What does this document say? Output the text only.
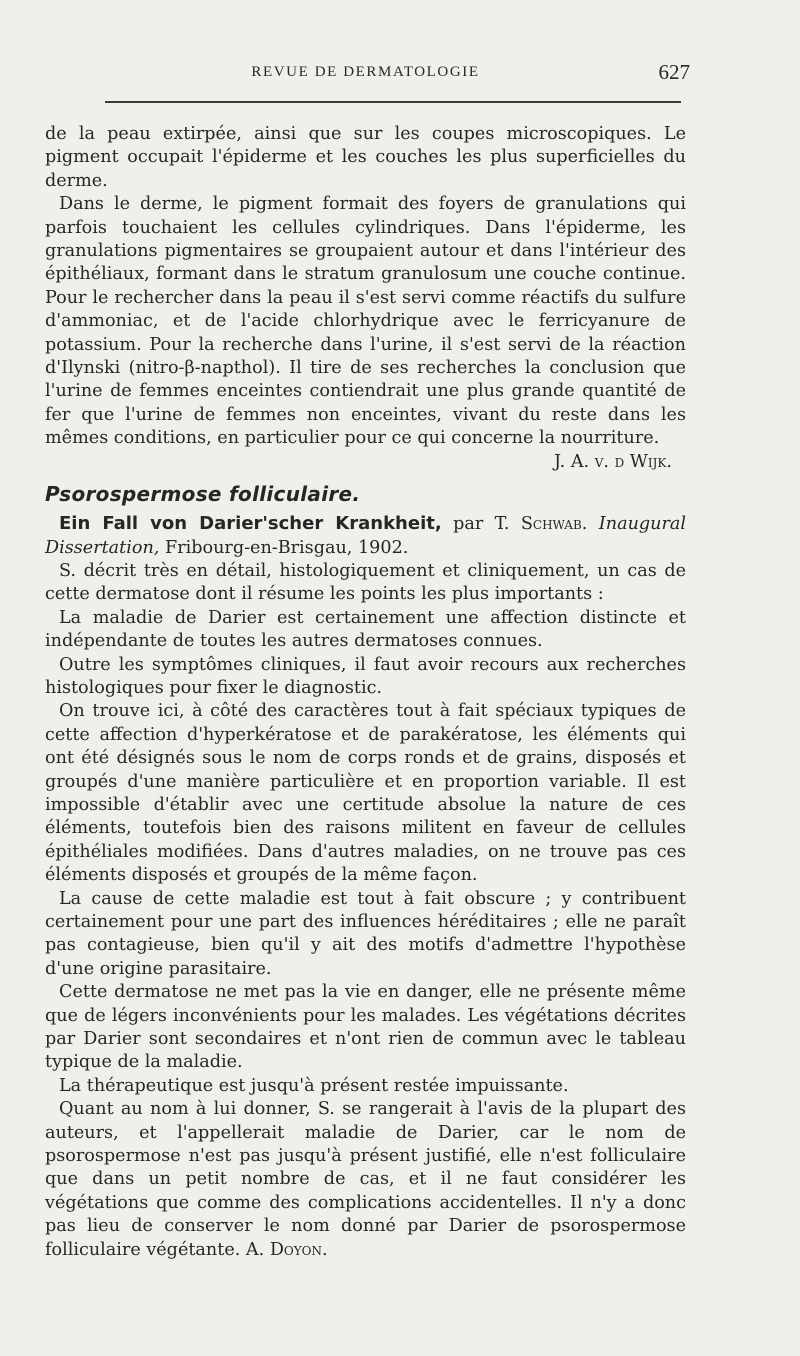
REVUE DE DERMATOLOGIE	627

de la peau extirpée, ainsi que sur les coupes microscopiques. Le pigment occupait l'épiderme et les couches les plus superficielles du derme.

Dans le derme, le pigment formait des foyers de granulations qui parfois touchaient les cellules cylindriques. Dans l'épiderme, les granulations pigmentaires se groupaient autour et dans l'intérieur des épithéliaux, formant dans le stratum granulosum une couche continue. Pour le rechercher dans la peau il s'est servi comme réactifs du sulfure d'ammoniac, et de l'acide chlorhydrique avec le ferricyanure de potassium. Pour la recherche dans l'urine, il s'est servi de la réaction d'Ilynski (nitro-β-napthol). Il tire de ses recherches la conclusion que l'urine de femmes enceintes contiendrait une plus grande quantité de fer que l'urine de femmes non enceintes, vivant du reste dans les mêmes conditions, en particulier pour ce qui concerne la nourriture.
J. A. v. d Wijk.

Psorospermose folliculaire.

Ein Fall von Darier'scher Krankheit, par T. Schwab. Inaugural Dissertation, Fribourg-en-Brisgau, 1902.

S. décrit très en détail, histologiquement et cliniquement, un cas de cette dermatose dont il résume les points les plus importants :

La maladie de Darier est certainement une affection distincte et indépendante de toutes les autres dermatoses connues.

Outre les symptômes cliniques, il faut avoir recours aux recherches histologiques pour fixer le diagnostic.

On trouve ici, à côté des caractères tout à fait spéciaux typiques de cette affection d'hyperkératose et de parakératose, les éléments qui ont été désignés sous le nom de corps ronds et de grains, disposés et groupés d'une manière particulière et en proportion variable. Il est impossible d'établir avec une certitude absolue la nature de ces éléments, toutefois bien des raisons militent en faveur de cellules épithéliales modifiées. Dans d'autres maladies, on ne trouve pas ces éléments disposés et groupés de la même façon.

La cause de cette maladie est tout à fait obscure ; y contribuent certainement pour une part des influences héréditaires ; elle ne paraît pas contagieuse, bien qu'il y ait des motifs d'admettre l'hypothèse d'une origine parasitaire.

Cette dermatose ne met pas la vie en danger, elle ne présente même que de légers inconvénients pour les malades. Les végétations décrites par Darier sont secondaires et n'ont rien de commun avec le tableau typique de la maladie.

La thérapeutique est jusqu'à présent restée impuissante.

Quant au nom à lui donner, S. se rangerait à l'avis de la plupart des auteurs, et l'appellerait maladie de Darier, car le nom de psorospermose n'est pas jusqu'à présent justifié, elle n'est folliculaire que dans un petit nombre de cas, et il ne faut considérer les végétations que comme des complications accidentelles. Il n'y a donc pas lieu de conserver le nom donné par Darier de psorospermose folliculaire végétante. A. Doyon.
